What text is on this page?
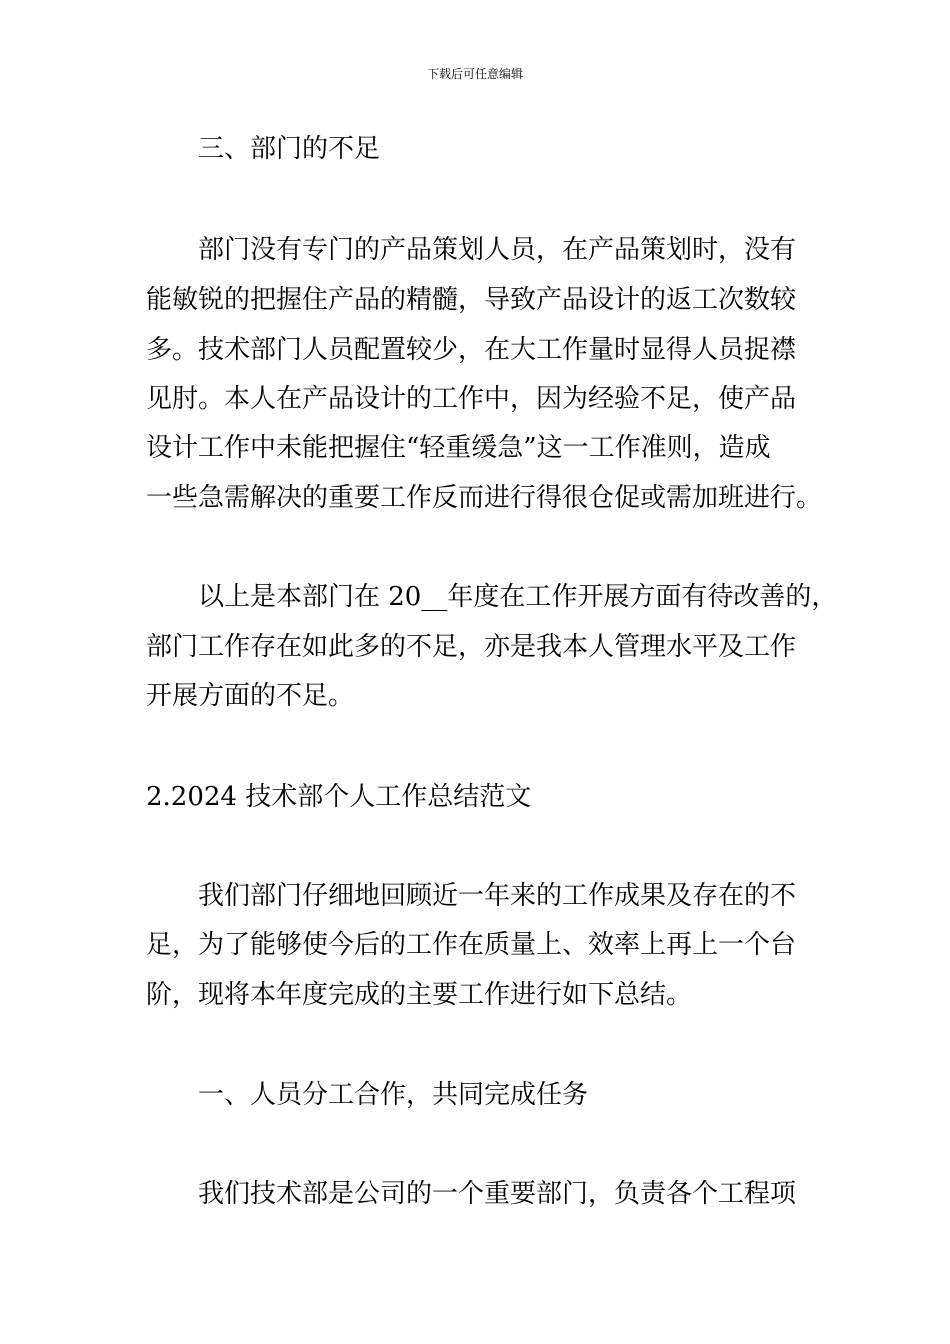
下载后可任意编辑
三、部门的不足
部门没有专门的产品策划人员，在产品策划时，没有
能敏锐的把握住产品的精髓，导致产品设计的返工次数较
多。技术部门人员配置较少，在大工作量时显得人员捉襟
见肘。本人在产品设计的工作中，因为经验不足，使产品
设计工作中未能把握住“轻重缓急”这一工作准则，造成
一些急需解决的重要工作反而进行得很仓促或需加班进行。
以上是本部门在 20__年度在工作开展方面有待改善的，
部门工作存在如此多的不足，亦是我本人管理水平及工作
开展方面的不足。
2.2024 技术部个人工作总结范文
我们部门仔细地回顾近一年来的工作成果及存在的不
足，为了能够使今后的工作在质量上、效率上再上一个台
阶，现将本年度完成的主要工作进行如下总结。
一、人员分工合作，共同完成任务
我们技术部是公司的一个重要部门，负责各个工程项
